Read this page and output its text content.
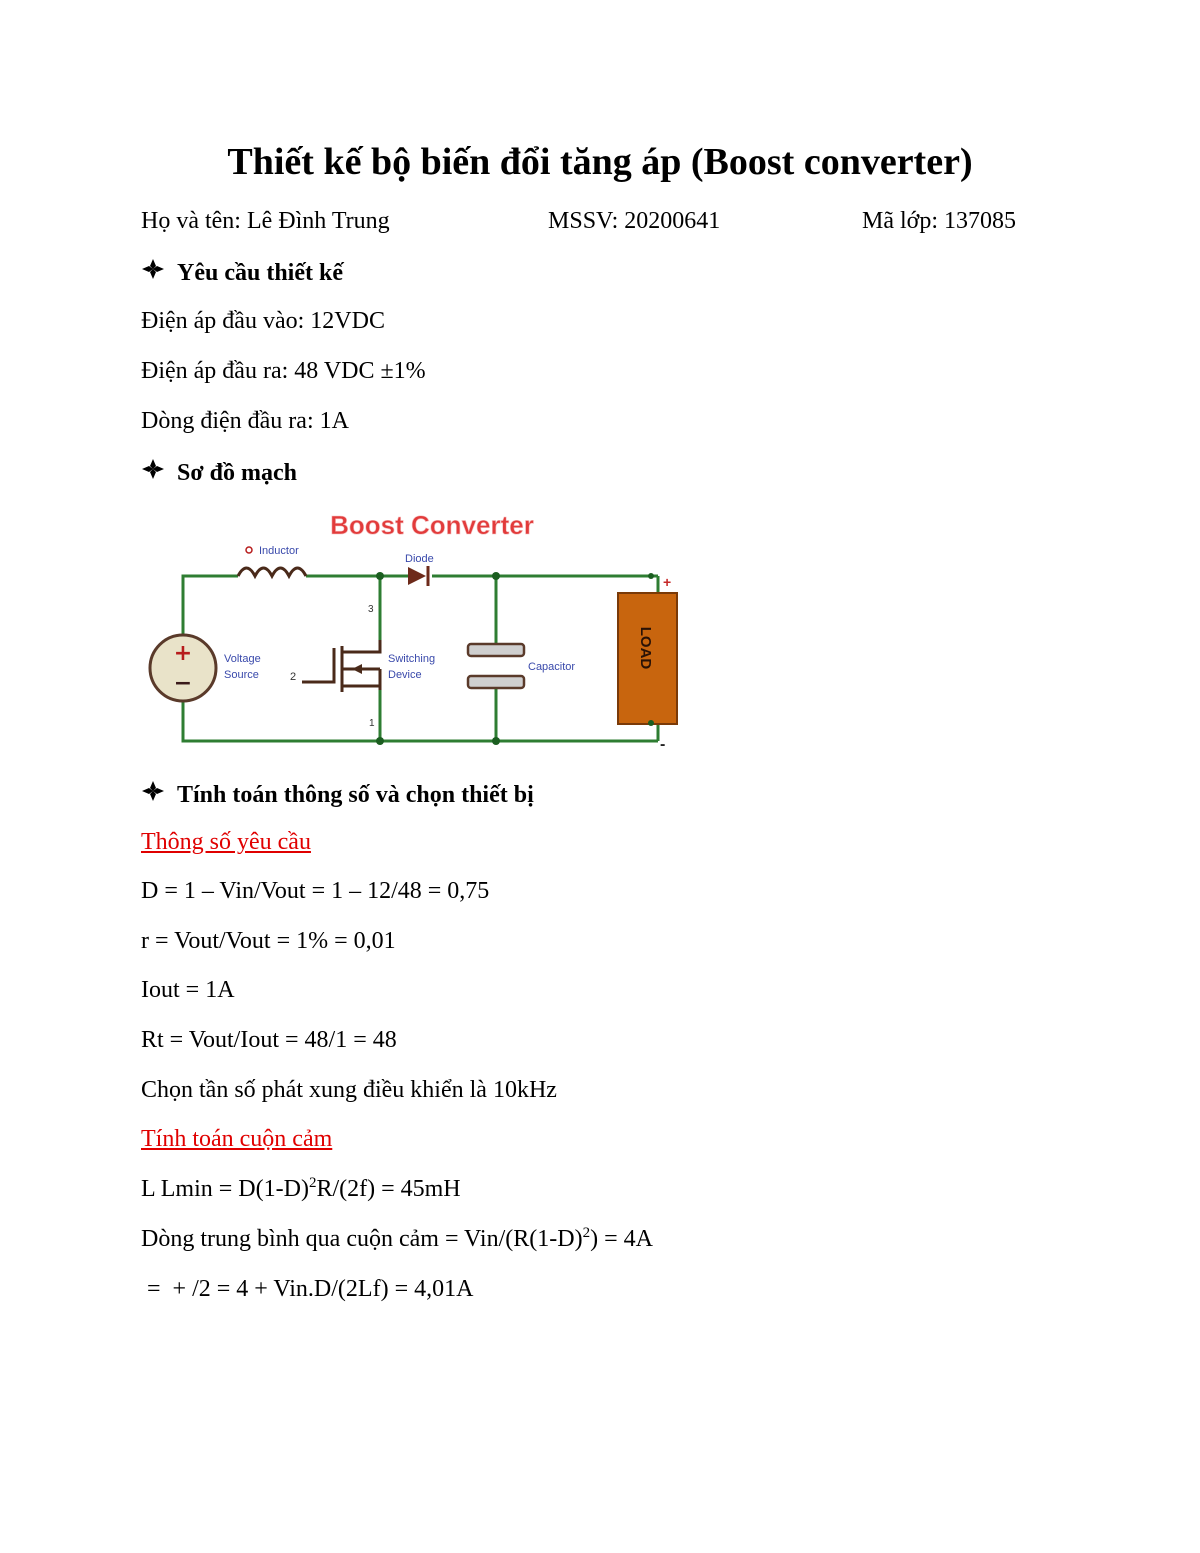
Thiết kế bộ biến đổi tăng áp (Boost converter)
Họ và tên: Lê Đình Trung	MSSV: 20200641	Mã lớp: 137085
Yêu cầu thiết kế
Điện áp đầu vào: 12VDC
Điện áp đầu ra: 48 VDC ±1%
Dòng điện đầu ra: 1A
Sơ đồ mạch
Boost Converter
Inductor
Diode
+
−
Voltage
Source
3
2
1
Switching
Device
Capacitor	LOAD
+
-
Tính toán thông số và chọn thiết bị
Thông số yêu cầu
D = 1 – Vin/Vout = 1 – 12/48 = 0,75
r = Vout/Vout = 1% = 0,01
Iout = 1A
Rt = Vout/Iout = 48/1 = 48
Chọn tần số phát xung điều khiển là 10kHz
Tính toán cuộn cảm
L $Lmin = D(1-D)^2R/(2f) = 45mH$
Dòng trung bình qua cuộn cảm = Vin/$(R(1-D)^2) = 4A$
=  + /2 = 4 + Vin.D/(2Lf) = 4,01A
